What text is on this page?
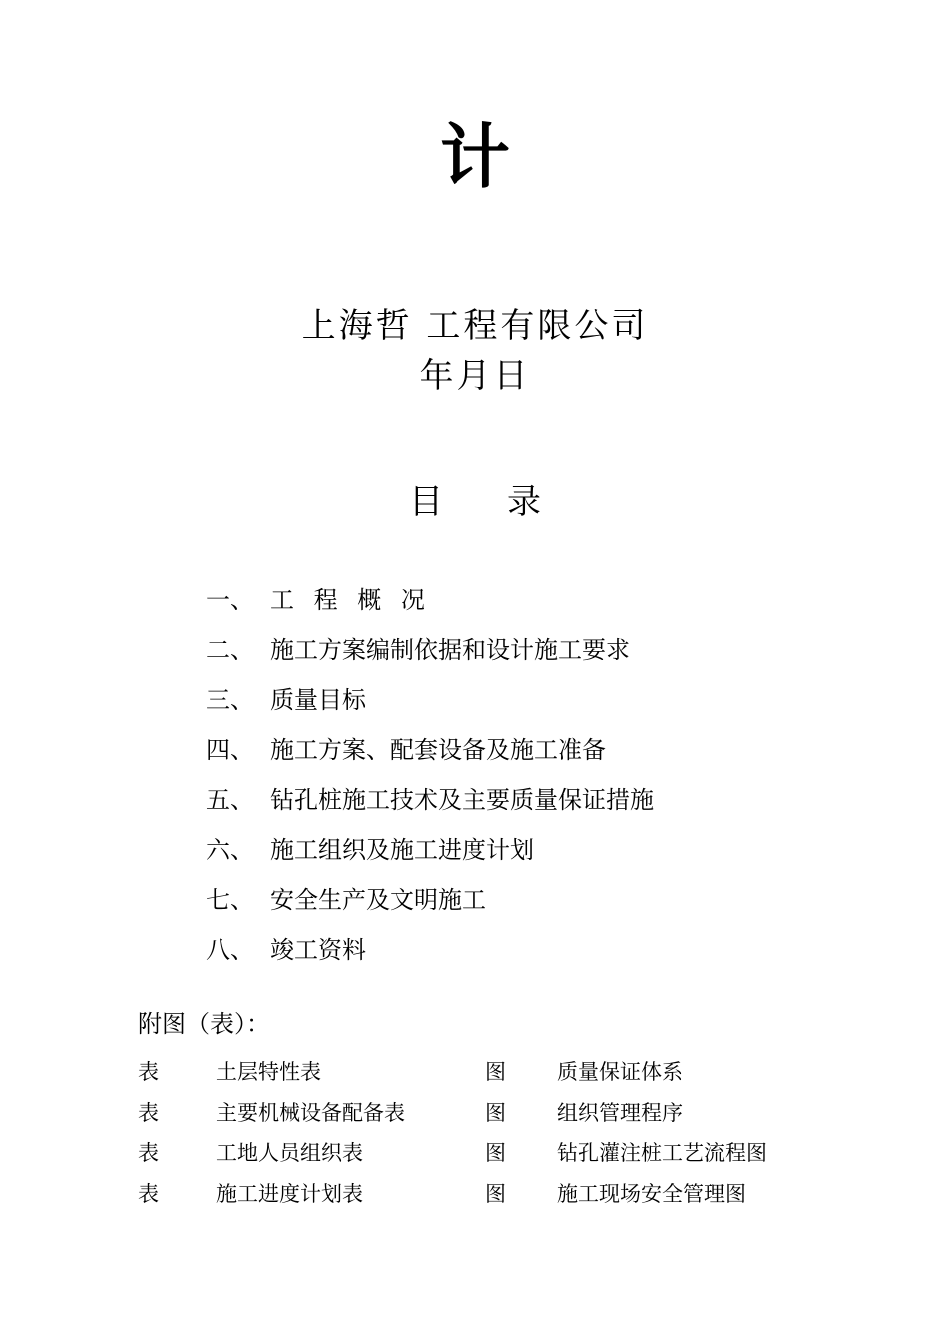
计
上海哲 工程有限公司
年月日
目 录
一、 工 程 概 况
二、 施工方案编制依据和设计施工要求
三、 质量目标
四、 施工方案、配套设备及施工准备
五、 钻孔桩施工技术及主要质量保证措施
六、 施工组织及施工进度计划
七、 安全生产及文明施工
八、 竣工资料
附图（表）：
表	土层特性表	图 质量保证体系
表	主要机械设备配备表	图 组织管理程序
表	工地人员组织表	图 钻孔灌注桩工艺流程图
表	施工进度计划表	图 施工现场安全管理图
